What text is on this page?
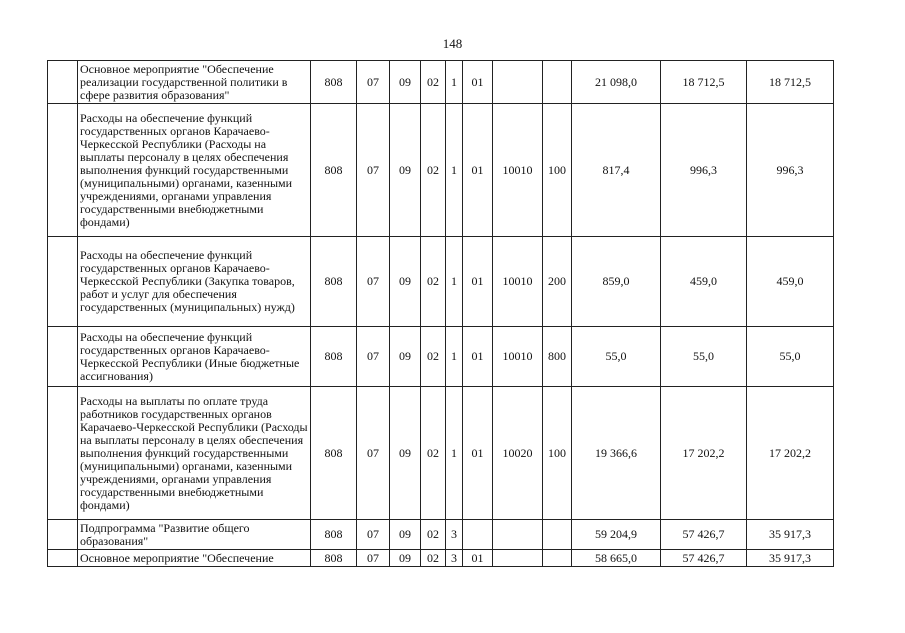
148
	Основное мероприятие "Обеспечение реализации государственной политики в сфере развития образования"	808	07	09	02	1	01			21 098,0	18 712,5	18 712,5
	Расходы на обеспечение функций государственных органов Карачаево-Черкесской Республики (Расходы на выплаты персоналу в целях обеспечения выполнения функций государственными (муниципальными) органами, казенными учреждениями, органами управления государственными внебюджетными фондами)	808	07	09	02	1	01	10010	100	817,4	996,3	996,3
	Расходы на обеспечение функций государственных органов Карачаево-Черкесской Республики (Закупка товаров, работ и услуг для обеспечения государственных (муниципальных) нужд)	808	07	09	02	1	01	10010	200	859,0	459,0	459,0
	Расходы на обеспечение функций государственных органов Карачаево-Черкесской Республики (Иные бюджетные ассигнования)	808	07	09	02	1	01	10010	800	55,0	55,0	55,0
	Расходы на выплаты по оплате труда работников государственных органов Карачаево-Черкесской Республики (Расходы на выплаты персоналу в целях обеспечения выполнения функций государственными (муниципальными) органами, казенными учреждениями, органами управления государственными внебюджетными фондами)	808	07	09	02	1	01	10020	100	19 366,6	17 202,2	17 202,2
	Подпрограмма "Развитие общего образования"	808	07	09	02	3				59 204,9	57 426,7	35 917,3
	Основное мероприятие "Обеспечение	808	07	09	02	3	01			58 665,0	57 426,7	35 917,3
